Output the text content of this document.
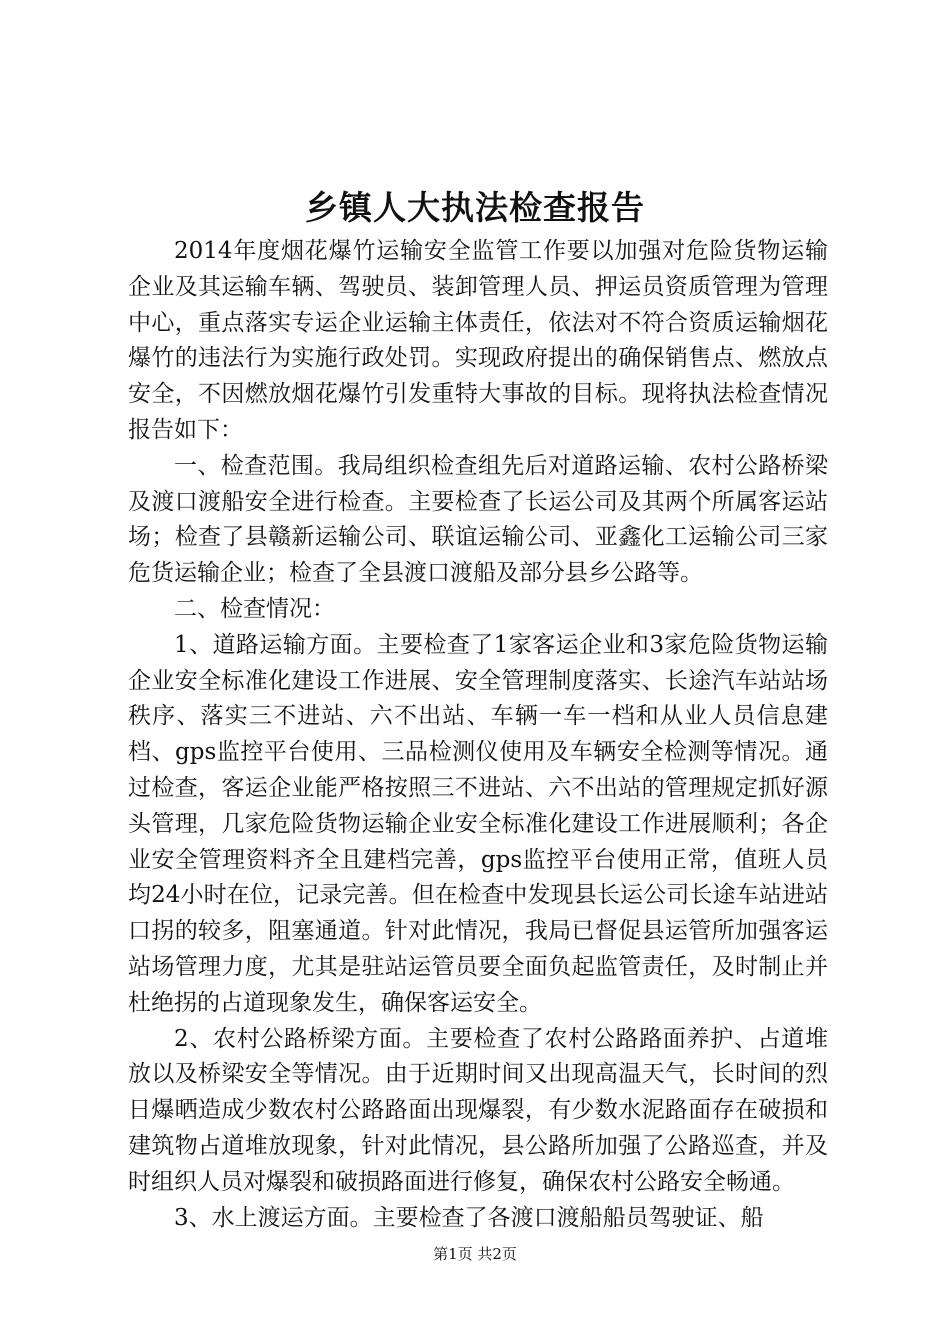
乡镇人大执法检查报告

2014年度烟花爆竹运输安全监管工作要以加强对危险货物运输企业及其运输车辆、驾驶员、装卸管理人员、押运员资质管理为管理中心，重点落实专运企业运输主体责任，依法对不符合资质运输烟花爆竹的违法行为实施行政处罚。实现政府提出的确保销售点、燃放点安全，不因燃放烟花爆竹引发重特大事故的目标。现将执法检查情况报告如下：

一、检查范围。我局组织检查组先后对道路运输、农村公路桥梁及渡口渡船安全进行检查。主要检查了长运公司及其两个所属客运站场；检查了县赣新运输公司、联谊运输公司、亚鑫化工运输公司三家危货运输企业；检查了全县渡口渡船及部分县乡公路等。

二、检查情况：

1、道路运输方面。主要检查了1家客运企业和3家危险货物运输企业安全标准化建设工作进展、安全管理制度落实、长途汽车站站场秩序、落实三不进站、六不出站、车辆一车一档和从业人员信息建档、gps监控平台使用、三品检测仪使用及车辆安全检测等情况。通过检查，客运企业能严格按照三不进站、六不出站的管理规定抓好源头管理，几家危险货物运输企业安全标准化建设工作进展顺利；各企业安全管理资料齐全且建档完善，gps监控平台使用正常，值班人员均24小时在位，记录完善。但在检查中发现县长运公司长途车站进站口拐的较多，阻塞通道。针对此情况，我局已督促县运管所加强客运站场管理力度，尤其是驻站运管员要全面负起监管责任，及时制止并杜绝拐的占道现象发生，确保客运安全。

2、农村公路桥梁方面。主要检查了农村公路路面养护、占道堆放以及桥梁安全等情况。由于近期时间又出现高温天气，长时间的烈日爆晒造成少数农村公路路面出现爆裂，有少数水泥路面存在破损和建筑物占道堆放现象，针对此情况，县公路所加强了公路巡查，并及时组织人员对爆裂和破损路面进行修复，确保农村公路安全畅通。

3、水上渡运方面。主要检查了各渡口渡船船员驾驶证、船

第1页 共2页
